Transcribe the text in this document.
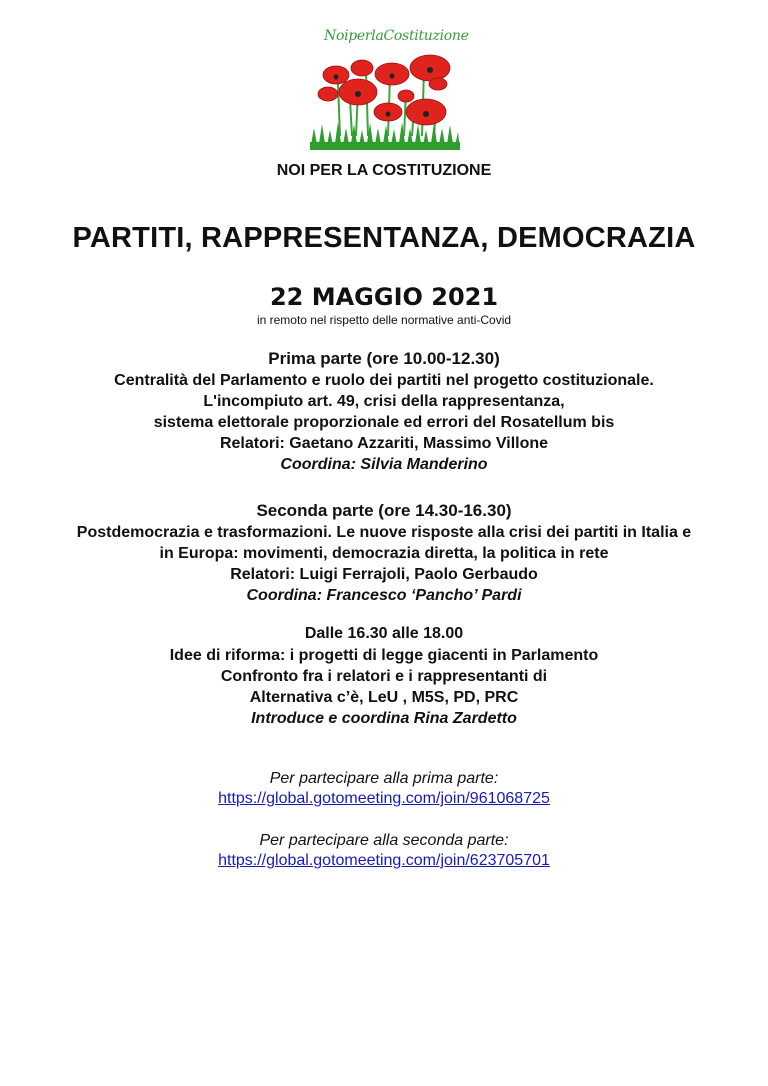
NoiperlaCostituzione
NOI PER LA COSTITUZIONE
PARTITI, RAPPRESENTANZA, DEMOCRAZIA
22 MAGGIO 2021
in remoto nel rispetto delle normative anti-Covid
Prima parte (ore 10.00-12.30)
Centralità del Parlamento e ruolo dei partiti nel progetto costituzionale.
L'incompiuto art. 49, crisi della rappresentanza,
sistema elettorale proporzionale ed errori del Rosatellum bis
Relatori: Gaetano Azzariti, Massimo Villone
Coordina: Silvia Manderino
Seconda parte (ore 14.30-16.30)
Postdemocrazia e trasformazioni. Le nuove risposte alla crisi dei partiti in Italia e
in Europa: movimenti, democrazia diretta, la politica in rete
Relatori: Luigi Ferrajoli, Paolo Gerbaudo
Coordina: Francesco ‘Pancho’ Pardi
Dalle 16.30 alle 18.00
Idee di riforma: i progetti di legge giacenti in Parlamento
Confronto fra i relatori e i rappresentanti di
Alternativa c’è, LeU , M5S, PD, PRC
Introduce e coordina Rina Zardetto
Per partecipare alla prima parte:
https://global.gotomeeting.com/join/961068725
Per partecipare alla seconda parte:
https://global.gotomeeting.com/join/623705701
